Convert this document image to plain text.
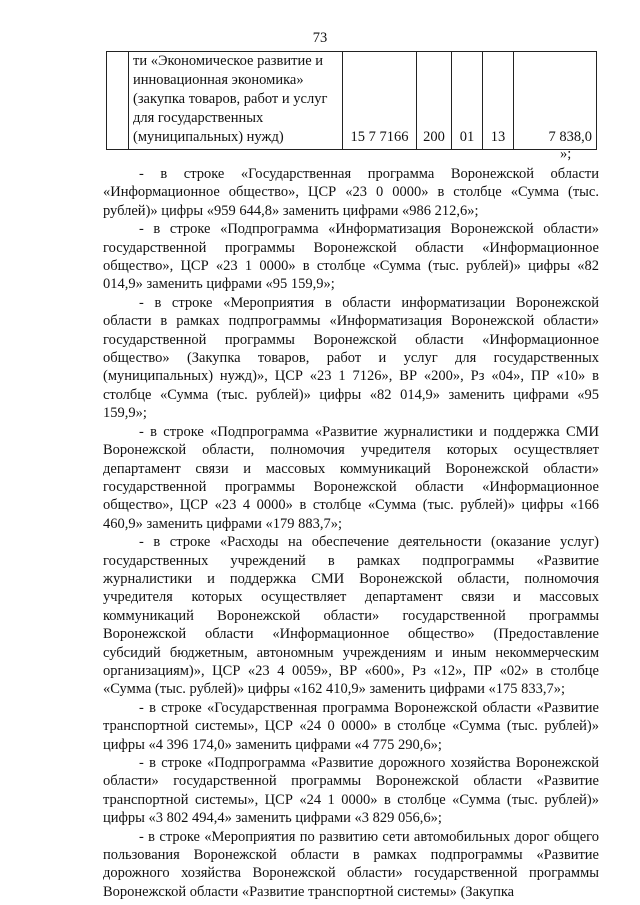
73
	ти «Экономическое развитие и инновационная экономика» (закупка товаров, работ и услуг для государственных (муниципальных) нужд)	15 7 7166	200	01	13	7 838,0
»;

- в строке «Государственная программа Воронежской области «Информационное общество», ЦСР «23 0 0000» в столбце «Сумма (тыс. рублей)» цифры «959 644,8» заменить цифрами «986 212,6»;

- в строке «Подпрограмма «Информатизация Воронежской области» государственной программы Воронежской области «Информационное общество», ЦСР «23 1 0000» в столбце «Сумма (тыс. рублей)» цифры «82 014,9» заменить цифрами «95 159,9»;

- в строке «Мероприятия в области информатизации Воронежской области в рамках подпрограммы «Информатизация Воронежской области» государственной программы Воронежской области «Информационное общество» (Закупка товаров, работ и услуг для государственных (муниципальных) нужд)», ЦСР «23 1 7126», ВР «200», Рз «04», ПР «10» в столбце «Сумма (тыс. рублей)» цифры «82 014,9» заменить цифрами «95 159,9»;

- в строке «Подпрограмма «Развитие журналистики и поддержка СМИ Воронежской области, полномочия учредителя которых осуществляет департамент связи и массовых коммуникаций Воронежской области» государственной программы Воронежской области «Информационное общество», ЦСР «23 4 0000» в столбце «Сумма (тыс. рублей)» цифры «166 460,9» заменить цифрами «179 883,7»;

- в строке «Расходы на обеспечение деятельности (оказание услуг) государственных учреждений в рамках подпрограммы «Развитие журналистики и поддержка СМИ Воронежской области, полномочия учредителя которых осуществляет департамент связи и массовых коммуникаций Воронежской области» государственной программы Воронежской области «Информационное общество» (Предоставление субсидий бюджетным, автономным учреждениям и иным некоммерческим организациям)», ЦСР «23 4 0059», ВР «600», Рз «12», ПР «02» в столбце «Сумма (тыс. рублей)» цифры «162 410,9» заменить цифрами «175 833,7»;

- в строке «Государственная программа Воронежской области «Развитие транспортной системы», ЦСР «24 0 0000» в столбце «Сумма (тыс. рублей)» цифры «4 396 174,0» заменить цифрами «4 775 290,6»;

- в строке «Подпрограмма «Развитие дорожного хозяйства Воронежской области» государственной программы Воронежской области «Развитие транспортной системы», ЦСР «24 1 0000» в столбце «Сумма (тыс. рублей)» цифры «3 802 494,4» заменить цифрами «3 829 056,6»;

- в строке «Мероприятия по развитию сети автомобильных дорог общего пользования Воронежской области в рамках подпрограммы «Развитие дорожного хозяйства Воронежской области» государственной программы Воронежской области «Развитие транспортной системы» (Закупка
